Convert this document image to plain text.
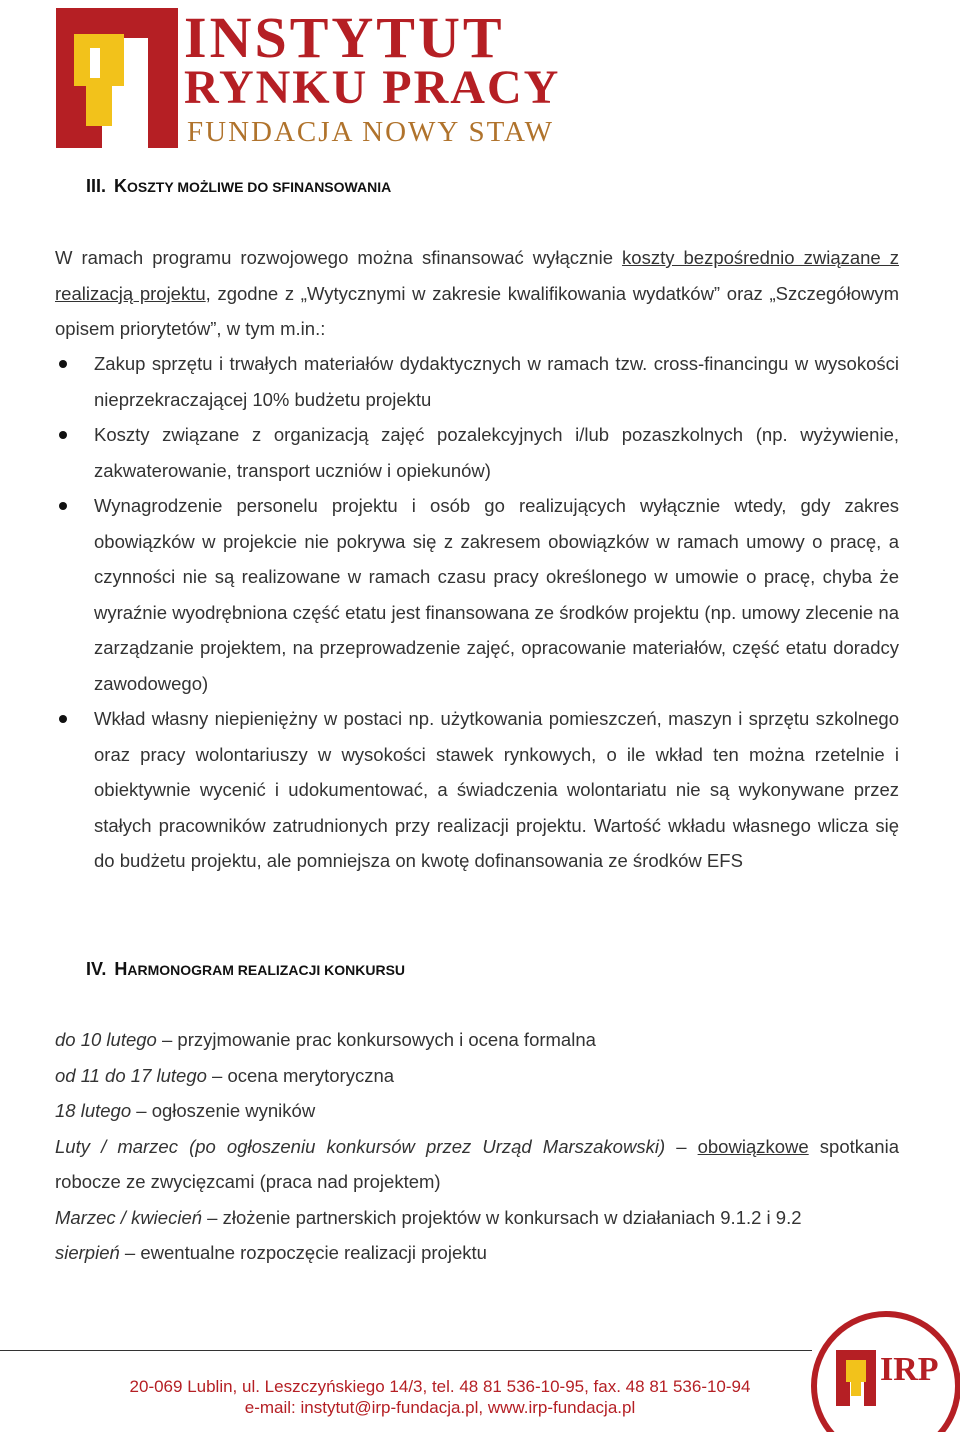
INSTYTUT
RYNKU PRACY
FUNDACJA NOWY STAW
III. KOSZTY MOŻLIWE DO SFINANSOWANIA
W ramach programu rozwojowego można sfinansować wyłącznie koszty bezpośrednio związane z realizacją projektu, zgodne z „Wytycznymi w zakresie kwalifikowania wydatków” oraz „Szczegółowym opisem priorytetów”, w tym m.in.:
Zakup sprzętu i trwałych materiałów dydaktycznych w ramach tzw. cross-financingu w wysokości nieprzekraczającej 10% budżetu projektu
Koszty związane z organizacją zajęć pozalekcyjnych i/lub pozaszkolnych (np. wyżywienie, zakwaterowanie, transport uczniów i opiekunów)
Wynagrodzenie personelu projektu i osób go realizujących wyłącznie wtedy, gdy zakres obowiązków w projekcie nie pokrywa się z zakresem obowiązków w ramach umowy o pracę, a czynności nie są realizowane w ramach czasu pracy określonego w umowie o pracę, chyba że wyraźnie wyodrębniona część etatu jest finansowana ze środków projektu (np. umowy zlecenie na zarządzanie projektem, na przeprowadzenie zajęć, opracowanie materiałów, część etatu doradcy zawodowego)
Wkład własny niepieniężny w postaci np. użytkowania pomieszczeń, maszyn i sprzętu szkolnego oraz pracy wolontariuszy w wysokości stawek rynkowych, o ile wkład ten można rzetelnie i obiektywnie wycenić i udokumentować, a świadczenia wolontariatu nie są wykonywane przez stałych pracowników zatrudnionych przy realizacji projektu. Wartość wkładu własnego wlicza się do budżetu projektu, ale pomniejsza on kwotę dofinansowania ze środków EFS
IV. HARMONOGRAM REALIZACJI KONKURSU
do 10 lutego – przyjmowanie prac konkursowych i ocena formalna
od 11 do 17 lutego – ocena merytoryczna
18 lutego – ogłoszenie wyników
Luty / marzec (po ogłoszeniu konkursów przez Urząd Marszakowski) – obowiązkowe spotkania robocze ze zwycięzcami (praca nad projektem)
Marzec / kwiecień – złożenie partnerskich projektów w konkursach w działaniach 9.1.2 i 9.2
sierpień – ewentualne rozpoczęcie realizacji projektu
20-069 Lublin, ul. Leszczyńskiego 14/3, tel. 48 81 536-10-95, fax. 48 81 536-10-94
e-mail: instytut@irp-fundacja.pl, www.irp-fundacja.pl
IRP
